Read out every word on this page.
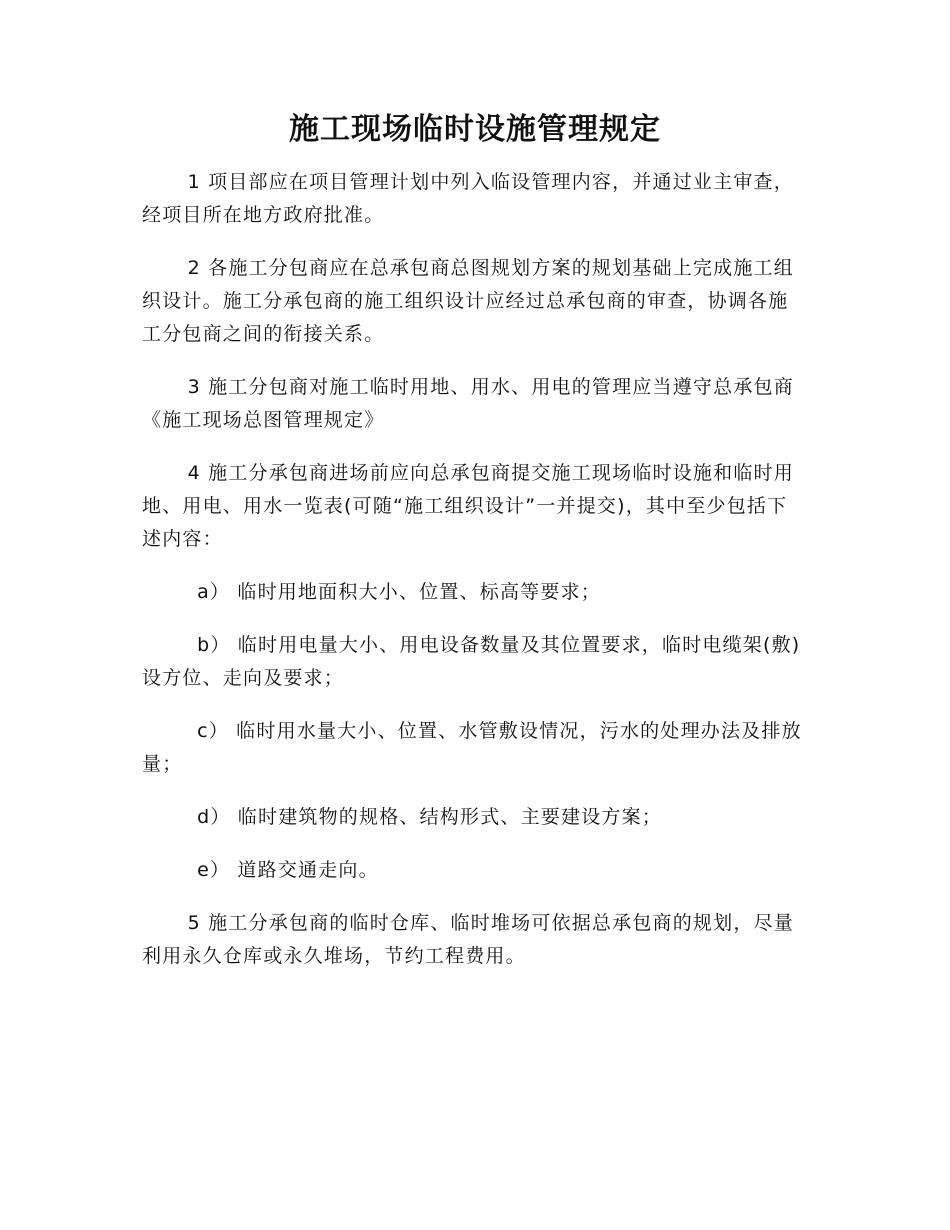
施工现场临时设施管理规定

1 项目部应在项目管理计划中列入临设管理内容，并通过业主审查，经项目所在地方政府批准。

2 各施工分包商应在总承包商总图规划方案的规划基础上完成施工组织设计。施工分承包商的施工组织设计应经过总承包商的审查，协调各施工分包商之间的衔接关系。

3 施工分包商对施工临时用地、用水、用电的管理应当遵守总承包商《施工现场总图管理规定》

4 施工分承包商进场前应向总承包商提交施工现场临时设施和临时用地、用电、用水一览表(可随“施工组织设计”一并提交)，其中至少包括下述内容：

a） 临时用地面积大小、位置、标高等要求；

b） 临时用电量大小、用电设备数量及其位置要求，临时电缆架(敷)设方位、走向及要求；

c） 临时用水量大小、位置、水管敷设情况，污水的处理办法及排放量；

d） 临时建筑物的规格、结构形式、主要建设方案；

e） 道路交通走向。

5 施工分承包商的临时仓库、临时堆场可依据总承包商的规划，尽量利用永久仓库或永久堆场，节约工程费用。
